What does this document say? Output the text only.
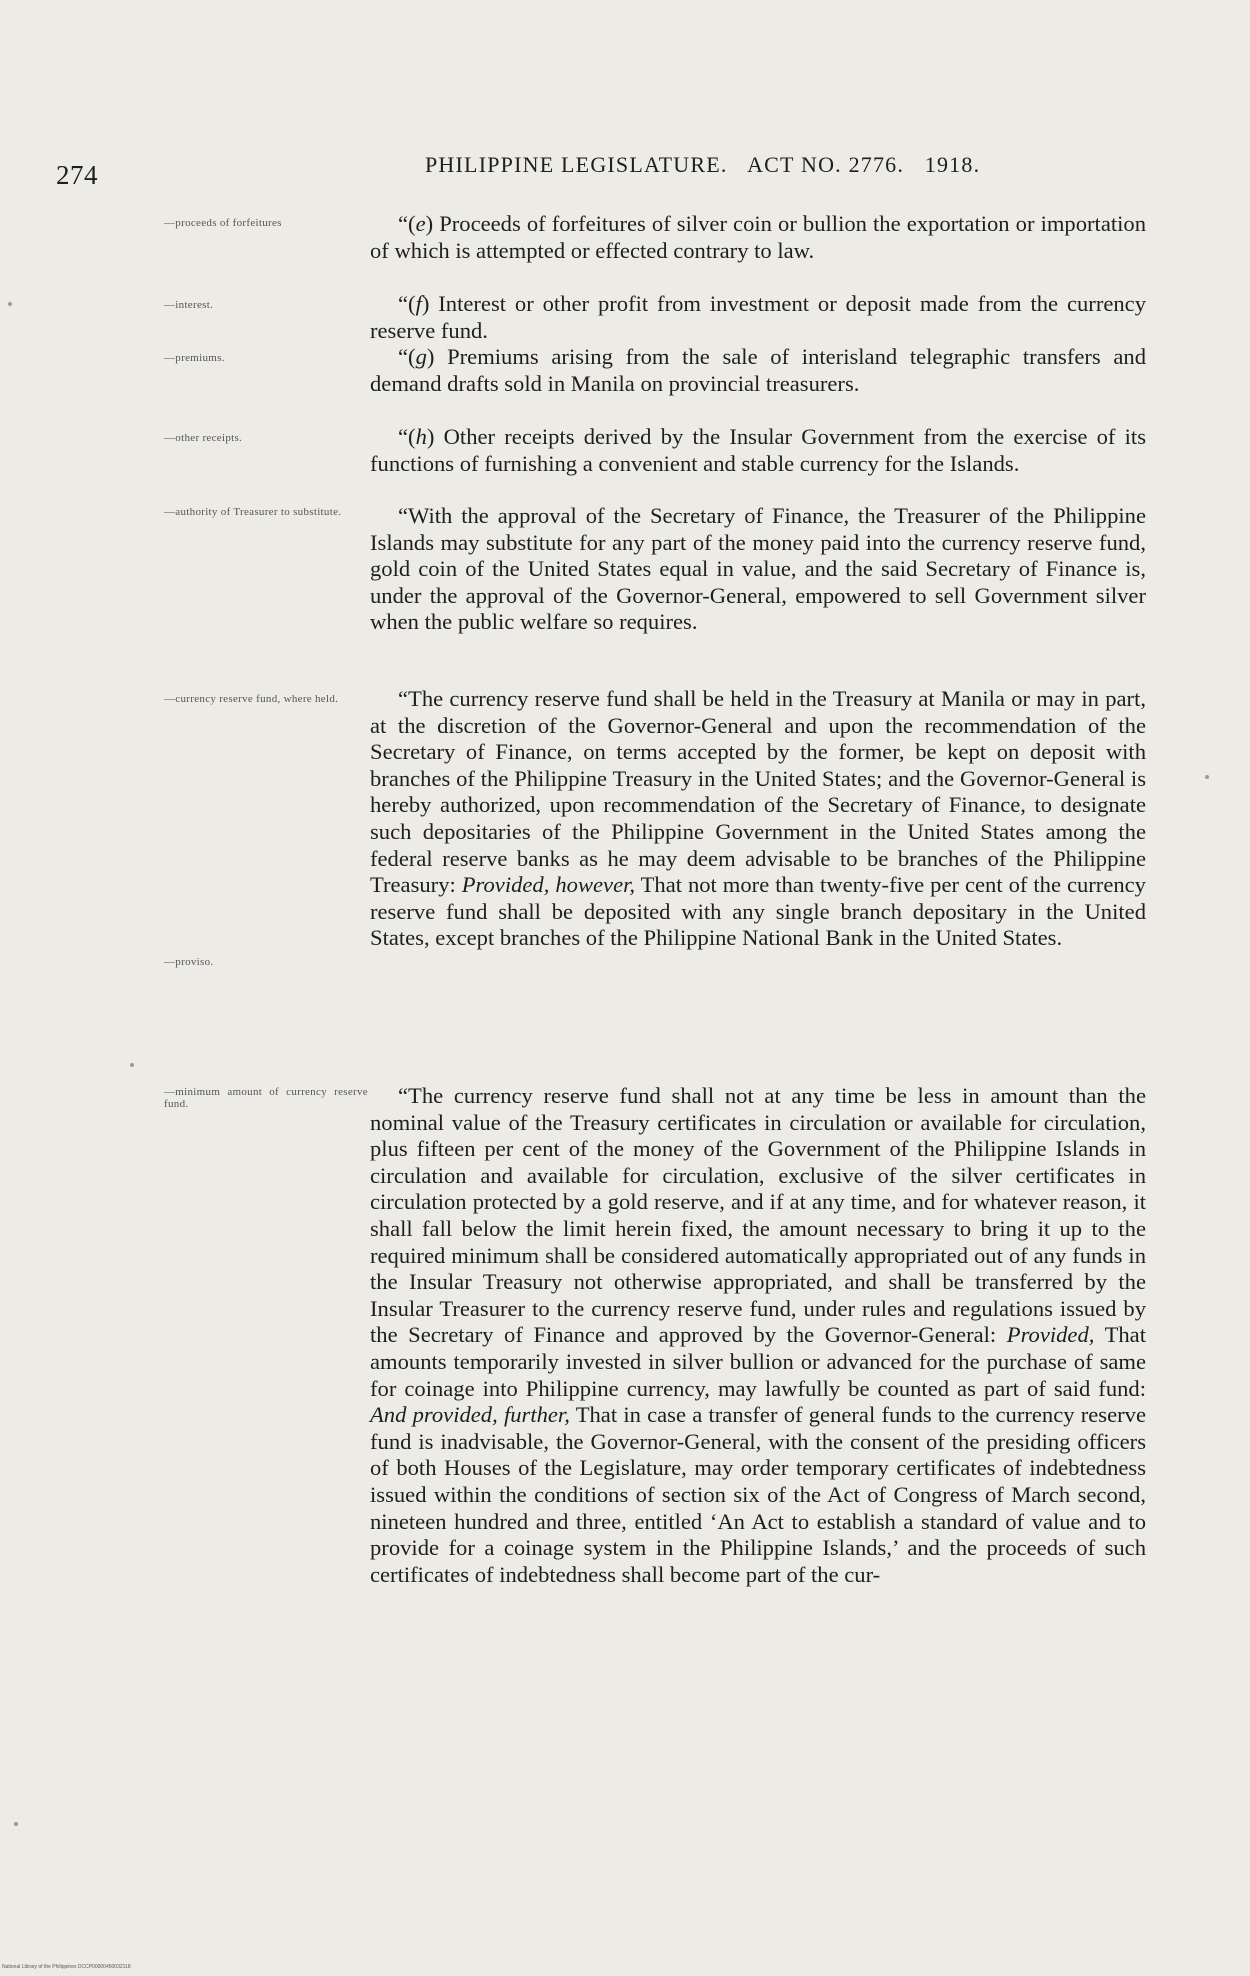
274	PHILIPPINE LEGISLATURE. ACT NO. 2776. 1918.
—proceeds of forfeitures
—interest.
—premiums.
—other receipts.
—authority of Treasurer to substitute.
—currency reserve fund, where held.
—proviso.
—minimum amount of currency reserve fund.

“(e) Proceeds of forfeitures of silver coin or bullion the exportation or importation of which is attempted or effected contrary to law.

“(f) Interest or other profit from investment or deposit made from the currency reserve fund.

“(g) Premiums arising from the sale of interisland telegraphic transfers and demand drafts sold in Manila on provincial treasurers.

“(h) Other receipts derived by the Insular Government from the exercise of its functions of furnishing a convenient and stable currency for the Islands.

“With the approval of the Secretary of Finance, the Treasurer of the Philippine Islands may substitute for any part of the money paid into the currency reserve fund, gold coin of the United States equal in value, and the said Secretary of Finance is, under the approval of the Governor-General, empowered to sell Government silver when the public welfare so requires.

“The currency reserve fund shall be held in the Treasury at Manila or may in part, at the discretion of the Governor-General and upon the recommendation of the Secretary of Finance, on terms accepted by the former, be kept on deposit with branches of the Philippine Treasury in the United States; and the Governor-General is hereby authorized, upon recommendation of the Secretary of Finance, to designate such depositaries of the Philippine Government in the United States among the federal reserve banks as he may deem advisable to be branches of the Philippine Treasury: Provided, however, That not more than twenty-five per cent of the currency reserve fund shall be deposited with any single branch depositary in the United States, except branches of the Philippine National Bank in the United States.

“The currency reserve fund shall not at any time be less in amount than the nominal value of the Treasury certificates in circulation or available for circulation, plus fifteen per cent of the money of the Government of the Philippine Islands in circulation and available for circulation, exclusive of the silver certificates in circulation protected by a gold reserve, and if at any time, and for whatever reason, it shall fall below the limit herein fixed, the amount necessary to bring it up to the required minimum shall be considered automatically appropriated out of any funds in the Insular Treasury not otherwise appropriated, and shall be transferred by the Insular Treasurer to the currency reserve fund, under rules and regulations issued by the Secretary of Finance and approved by the Governor-General: Provided, That amounts temporarily invested in silver bullion or advanced for the purchase of same for coinage into Philippine currency, may lawfully be counted as part of said fund: And provided, further, That in case a transfer of general funds to the currency reserve fund is inadvisable, the Governor-General, with the consent of the presiding officers of both Houses of the Legislature, may order temporary certificates of indebtedness issued within the conditions of section six of the Act of Congress of March second, nineteen hundred and three, entitled ‘An Act to establish a standard of value and to provide for a coinage system in the Philippine Islands,’ and the proceeds of such certificates of indebtedness shall become part of the cur-

National Library of the Philippines DCCP00000450032118
